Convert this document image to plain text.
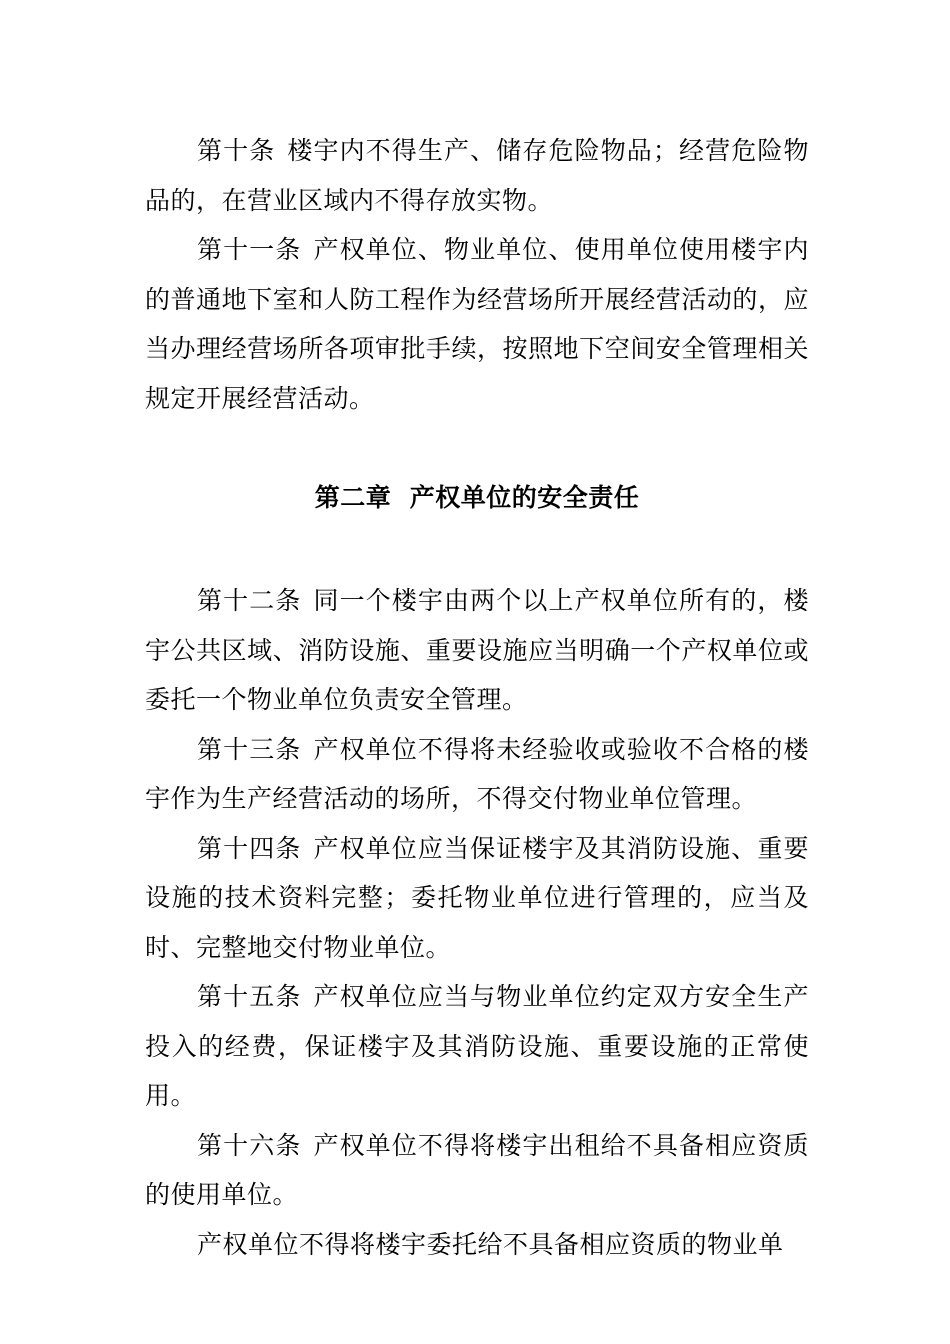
第十条 楼宇内不得生产、储存危险物品；经营危险物品的，在营业区域内不得存放实物。

第十一条 产权单位、物业单位、使用单位使用楼宇内的普通地下室和人防工程作为经营场所开展经营活动的，应当办理经营场所各项审批手续，按照地下空间安全管理相关规定开展经营活动。

第二章  产权单位的安全责任

第十二条 同一个楼宇由两个以上产权单位所有的，楼宇公共区域、消防设施、重要设施应当明确一个产权单位或委托一个物业单位负责安全管理。

第十三条 产权单位不得将未经验收或验收不合格的楼宇作为生产经营活动的场所，不得交付物业单位管理。

第十四条 产权单位应当保证楼宇及其消防设施、重要设施的技术资料完整；委托物业单位进行管理的，应当及时、完整地交付物业单位。

第十五条 产权单位应当与物业单位约定双方安全生产投入的经费，保证楼宇及其消防设施、重要设施的正常使用。

第十六条 产权单位不得将楼宇出租给不具备相应资质的使用单位。

产权单位不得将楼宇委托给不具备相应资质的物业单
